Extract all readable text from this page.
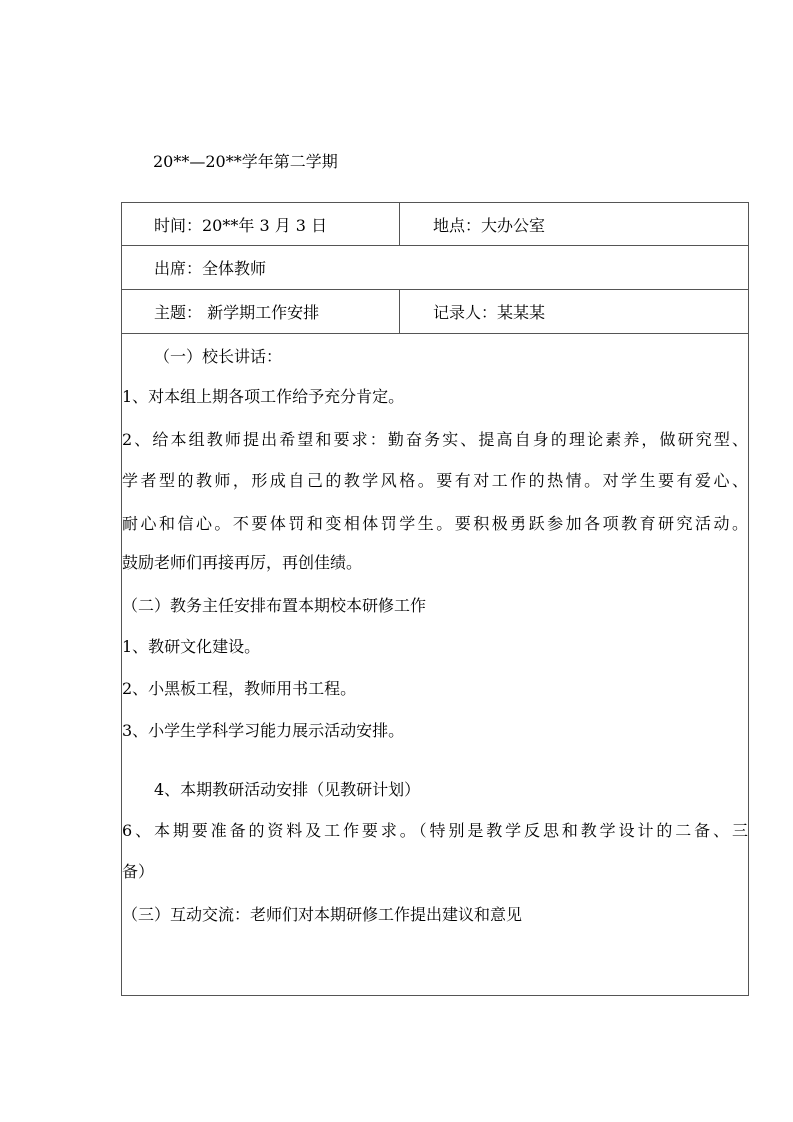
20**—20**学年第二学期
时间：20**年 3 月 3 日	地点：大办公室
出席：全体教师
主题： 新学期工作安排	记录人：某某某
（一）校长讲话：
1、对本组上期各项工作给予充分肯定。
2、给本组教师提出希望和要求：勤奋务实、提高自身的理论素养，做研究型、
学者型的教师，形成自己的教学风格。要有对工作的热情。对学生要有爱心、
耐心和信心。不要体罚和变相体罚学生。要积极勇跃参加各项教育研究活动。
鼓励老师们再接再厉，再创佳绩。
（二）教务主任安排布置本期校本研修工作
1、教研文化建设。
2、小黑板工程，教师用书工程。
3、小学生学科学习能力展示活动安排。
4、本期教研活动安排（见教研计划）
6、本期要准备的资料及工作要求。（特别是教学反思和教学设计的二备、三
备）
（三）互动交流：老师们对本期研修工作提出建议和意见
